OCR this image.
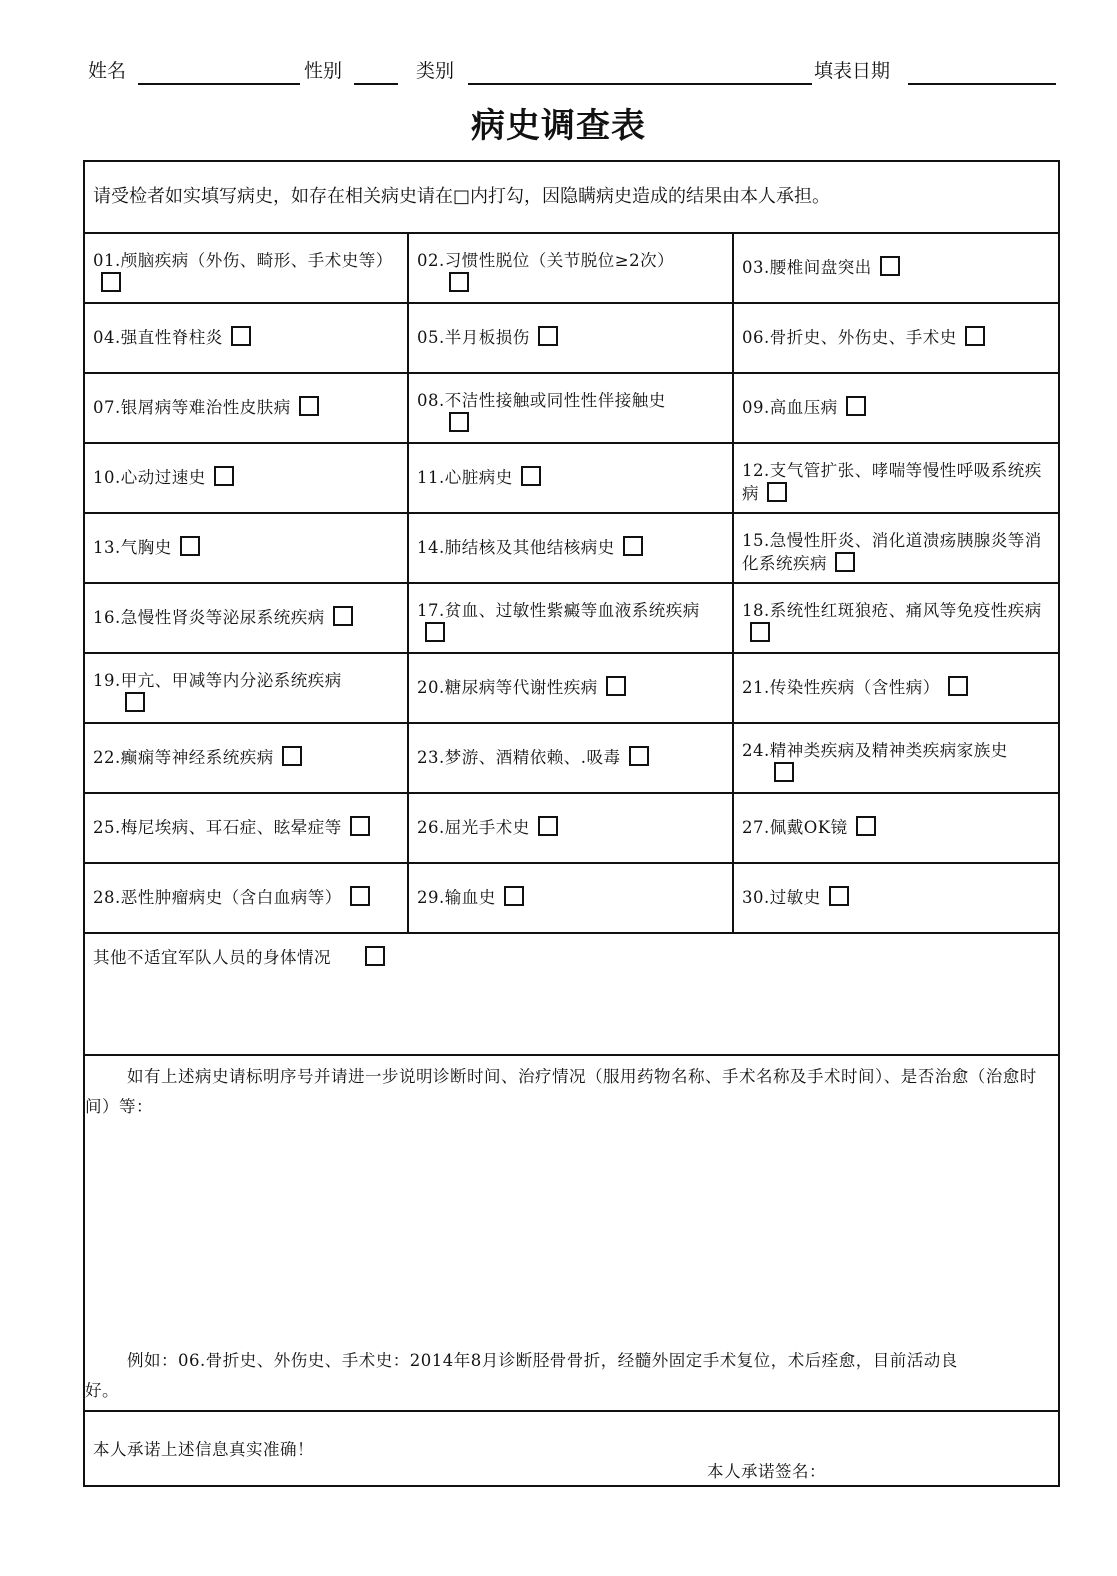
姓名	性别	类别	填表日期
病史调查表
请受检者如实填写病史，如存在相关病史请在□内打勾，因隐瞒病史造成的结果由本人承担。
01.颅脑疾病（外伤、畸形、手术史等）	02.习惯性脱位（关节脱位≥2次）	03.腰椎间盘突出
04.强直性脊柱炎	05.半月板损伤	06.骨折史、外伤史、手术史
07.银屑病等难治性皮肤病	08.不洁性接触或同性性伴接触史	09.高血压病
10.心动过速史	11.心脏病史	12.支气管扩张、哮喘等慢性呼吸系统疾病
13.气胸史	14.肺结核及其他结核病史	15.急慢性肝炎、消化道溃疡胰腺炎等消化系统疾病
16.急慢性肾炎等泌尿系统疾病	17.贫血、过敏性紫癜等血液系统疾病	18.系统性红斑狼疮、痛风等免疫性疾病
19.甲亢、甲减等内分泌系统疾病	20.糖尿病等代谢性疾病	21.传染性疾病（含性病）
22.癫痫等神经系统疾病	23.梦游、酒精依赖、.吸毒	24.精神类疾病及精神类疾病家族史

25.梅尼埃病、耳石症、眩晕症等	26.屈光手术史	27.佩戴OK镜
28.恶性肿瘤病史（含白血病等）	29.输血史	30.过敏史
其他不适宜军队人员的身体情况
如有上述病史请标明序号并请进一步说明诊断时间、治疗情况（服用药物名称、手术名称及手术时间）、是否治愈（治愈时间）等：
例如：06.骨折史、外伤史、手术史：2014年8月诊断胫骨骨折，经髓外固定手术复位，术后痊愈，目前活动良好。
本人承诺上述信息真实准确！
本人承诺签名：
